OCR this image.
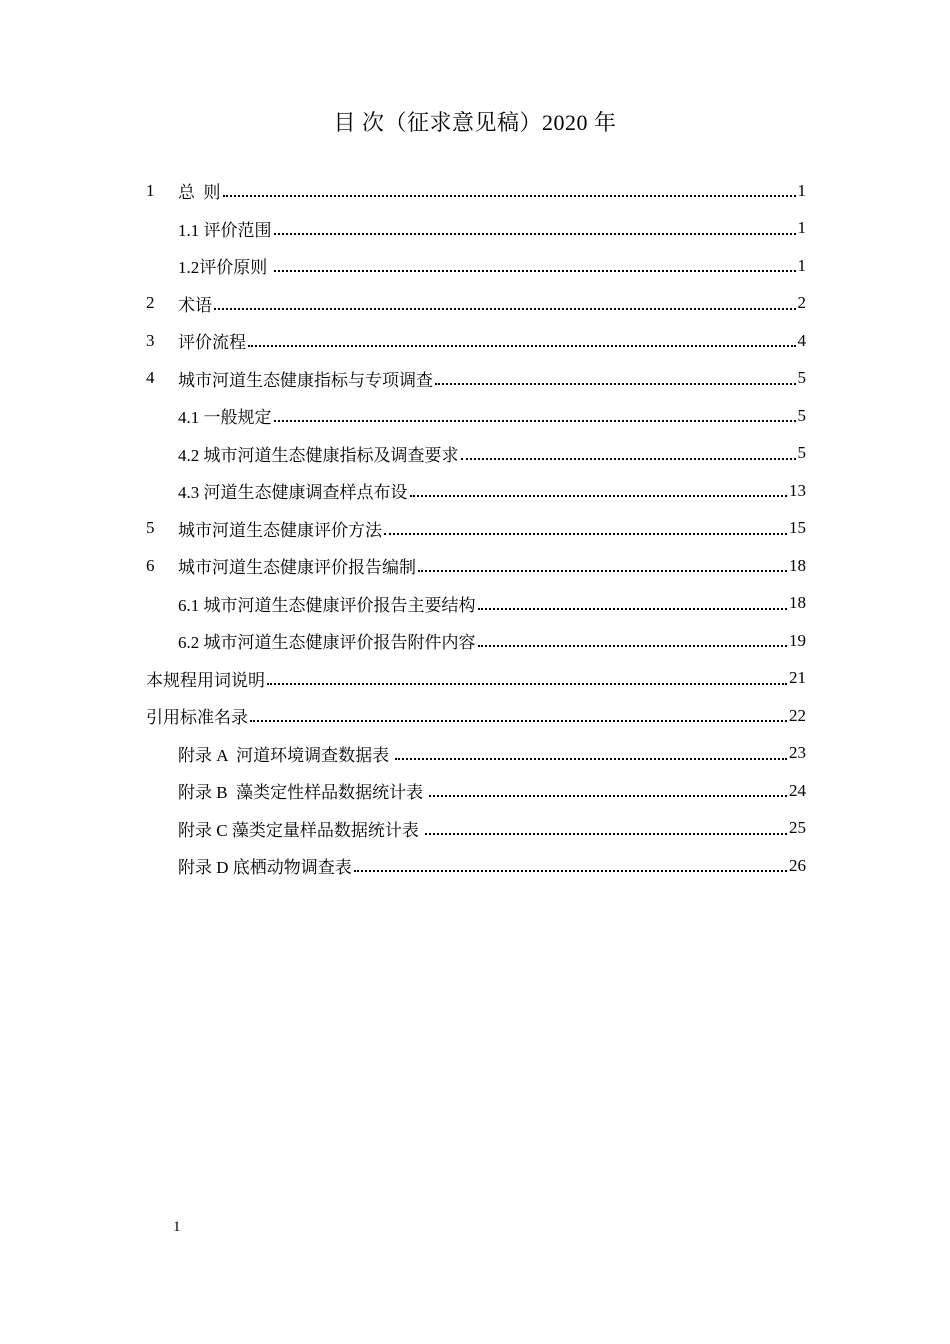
目 次（征求意见稿）2020 年
1	总  则	1
1.1 评价范围	1
1.2评价原则	1
2	术语	2
3	评价流程	4
4	城市河道生态健康指标与专项调查	5
4.1 一般规定	5
4.2 城市河道生态健康指标及调查要求	5
4.3 河道生态健康调查样点布设	13
5	城市河道生态健康评价方法	15
6	城市河道生态健康评价报告编制	18
6.1 城市河道生态健康评价报告主要结构	18
6.2 城市河道生态健康评价报告附件内容	19
本规程用词说明	21
引用标准名录	22
附录 A  河道环境调查数据表	23
附录 B  藻类定性样品数据统计表	24
附录 C 藻类定量样品数据统计表	25
附录 D 底栖动物调查表	26
1
